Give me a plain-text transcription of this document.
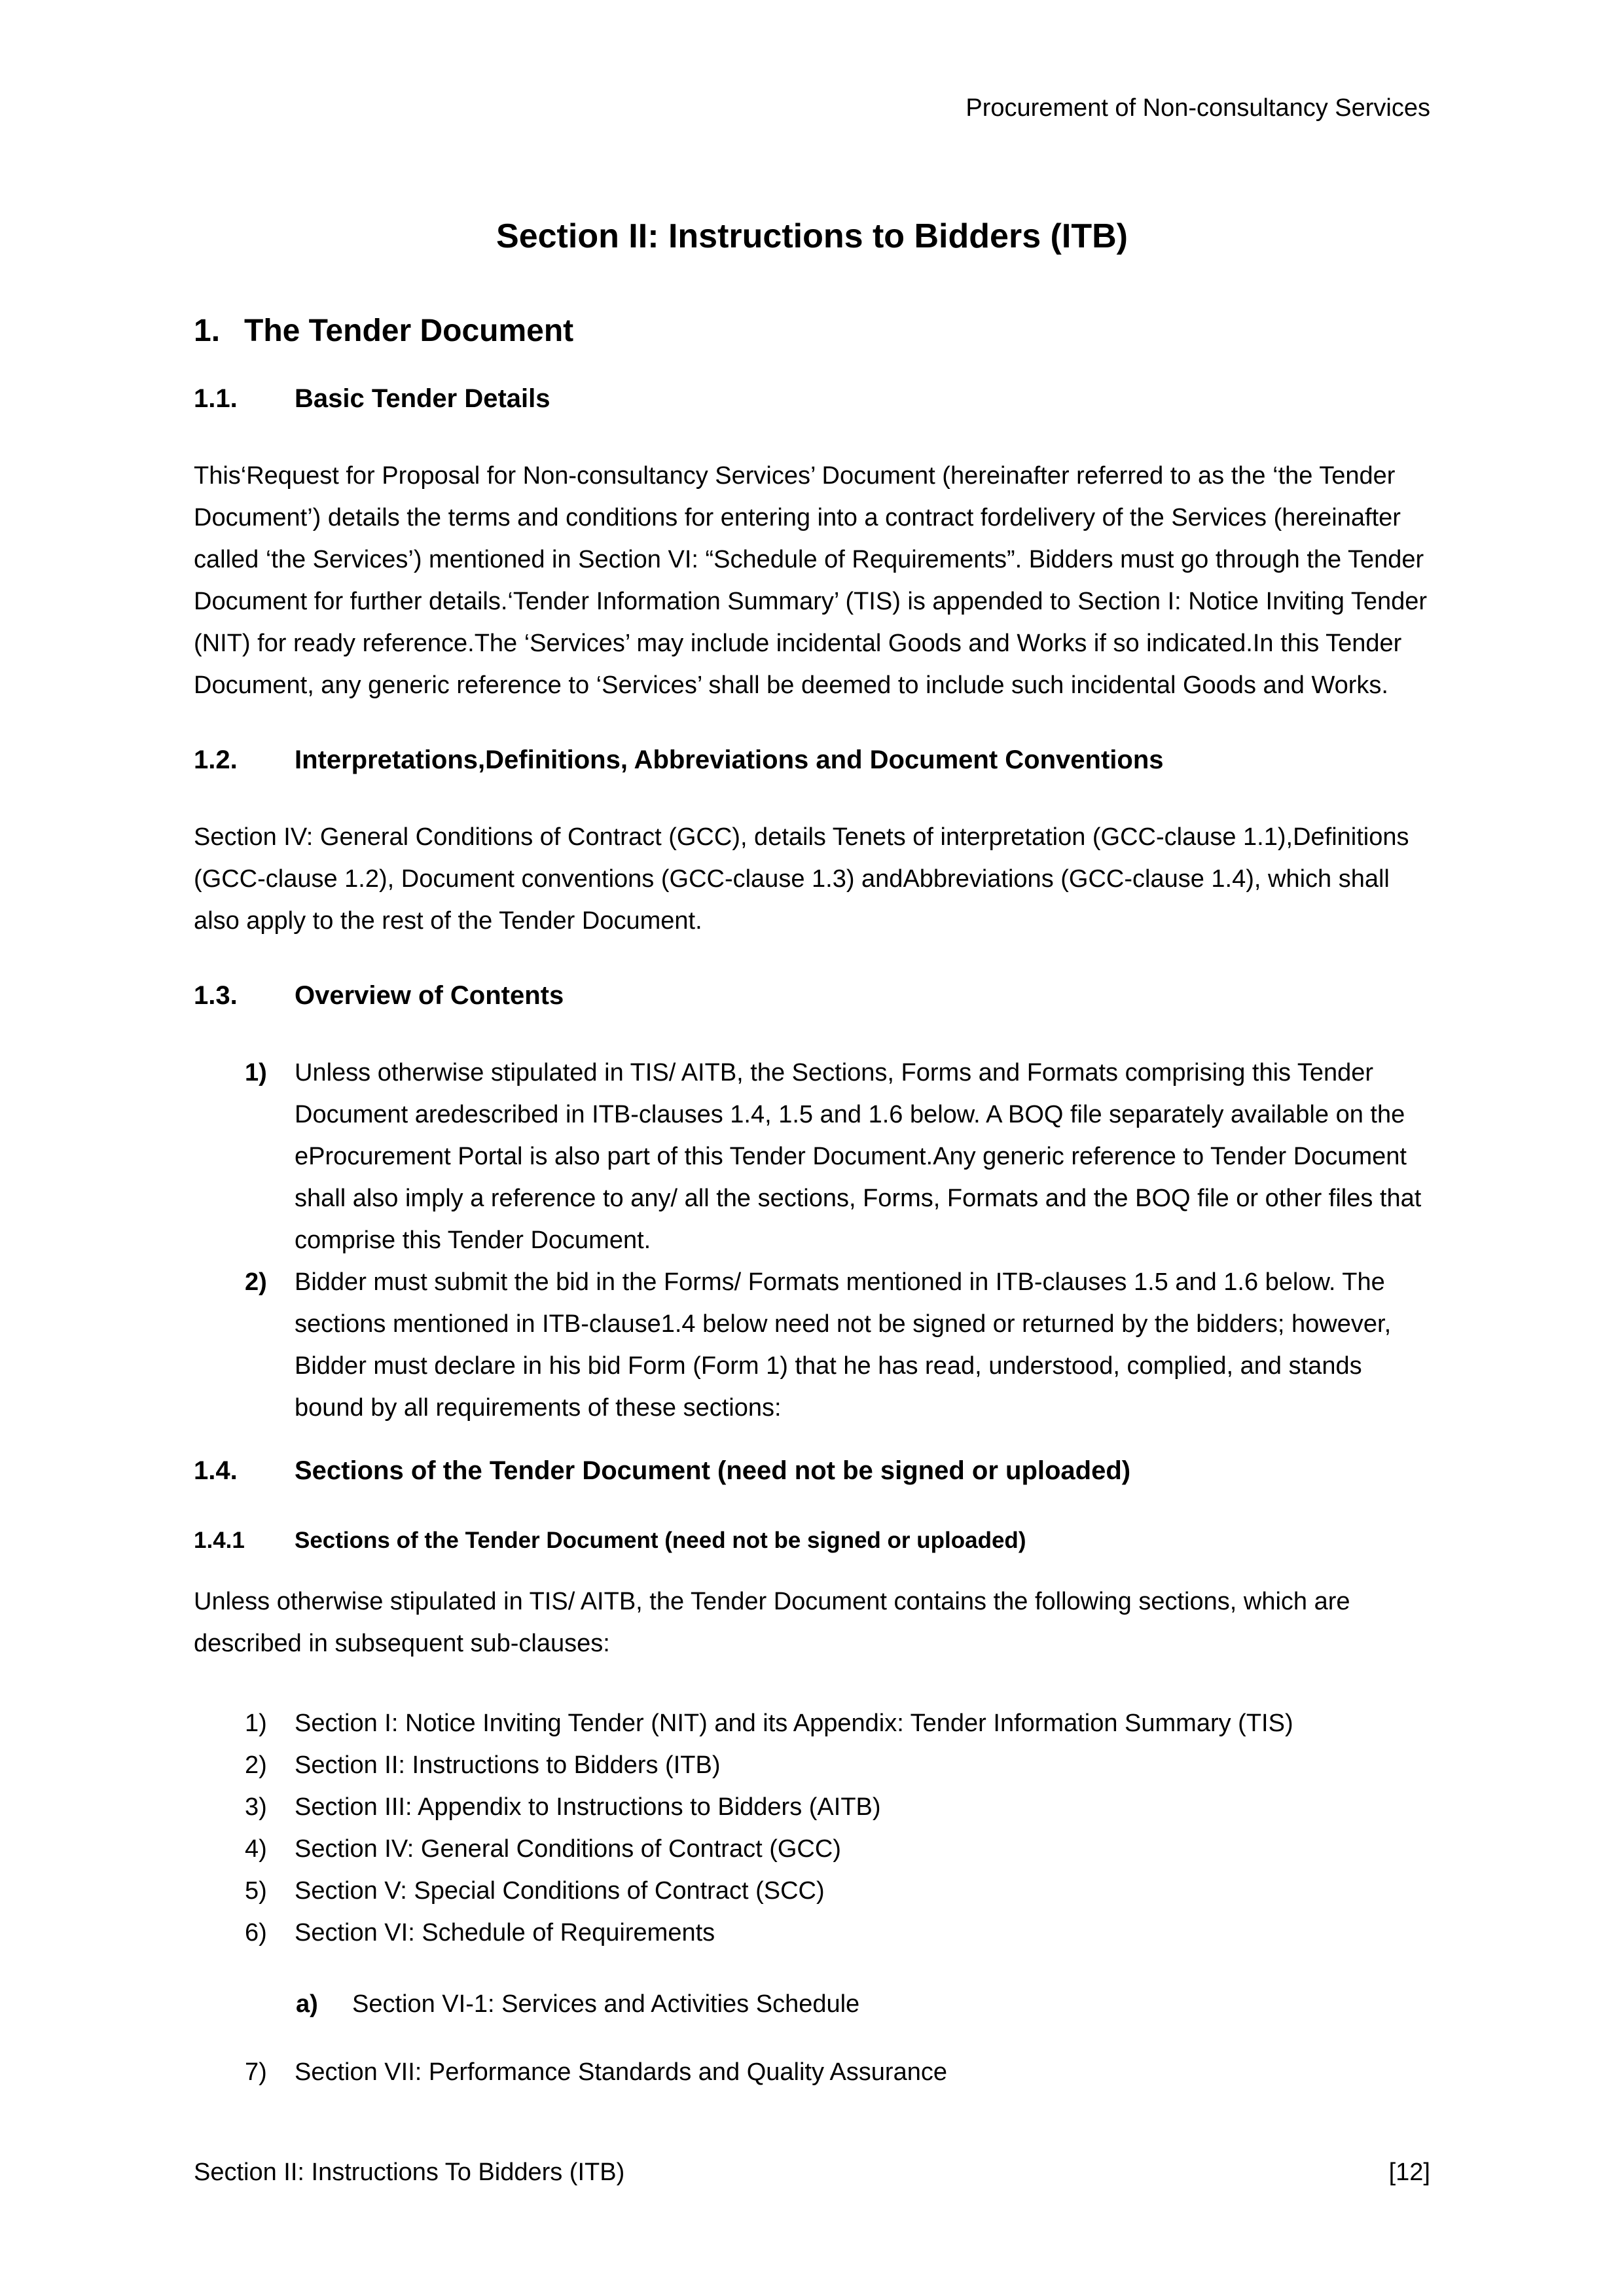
Procurement of Non-consultancy Services
Section II: Instructions to Bidders (ITB)
1. The Tender Document
1.1.	Basic Tender Details

This‘Request for Proposal for Non-consultancy Services’ Document (hereinafter referred to as the ‘the Tender Document’) details the terms and conditions for entering into a contract fordelivery of the Services (hereinafter called ‘the Services’) mentioned in Section VI: “Schedule of Requirements”. Bidders must go through the Tender Document for further details.‘Tender Information Summary’ (TIS) is appended to Section I: Notice Inviting Tender (NIT) for ready reference.The ‘Services’ may include incidental Goods and Works if so indicated.In this Tender Document, any generic reference to ‘Services’ shall be deemed to include such incidental Goods and Works.

1.2.	Interpretations,Definitions, Abbreviations and Document Conventions

Section IV: General Conditions of Contract (GCC), details Tenets of interpretation (GCC-clause 1.1),Definitions (GCC-clause 1.2), Document conventions (GCC-clause 1.3) andAbbreviations (GCC-clause 1.4), which shall also apply to the rest of the Tender Document.

1.3.	Overview of Contents
1)	Unless otherwise stipulated in TIS/ AITB, the Sections, Forms and Formats comprising this Tender Document aredescribed in ITB-clauses 1.4, 1.5 and 1.6 below. A BOQ file separately available on the eProcurement Portal is also part of this Tender Document.Any generic reference to Tender Document shall also imply a reference to any/ all the sections, Forms, Formats and the BOQ file or other files that comprise this Tender Document.
2)	Bidder must submit the bid in the Forms/ Formats mentioned in ITB-clauses 1.5 and 1.6 below. The sections mentioned in ITB-clause1.4 below need not be signed or returned by the bidders; however, Bidder must declare in his bid Form (Form 1) that he has read, understood, complied, and stands bound by all requirements of these sections:
1.4.	Sections of the Tender Document (need not be signed or uploaded)
1.4.1	Sections of the Tender Document (need not be signed or uploaded)

Unless otherwise stipulated in TIS/ AITB, the Tender Document contains the following sections, which are described in subsequent sub-clauses:

1)	Section I: Notice Inviting Tender (NIT) and its Appendix: Tender Information Summary (TIS)
2)	Section II: Instructions to Bidders (ITB)
3)	Section III: Appendix to Instructions to Bidders (AITB)
4)	Section IV: General Conditions of Contract (GCC)
5)	Section V: Special Conditions of Contract (SCC)
6)	Section VI: Schedule of Requirements
a)	Section VI-1: Services and Activities Schedule
7)	Section VII: Performance Standards and Quality Assurance
Section II: Instructions To Bidders (ITB)	[12]
